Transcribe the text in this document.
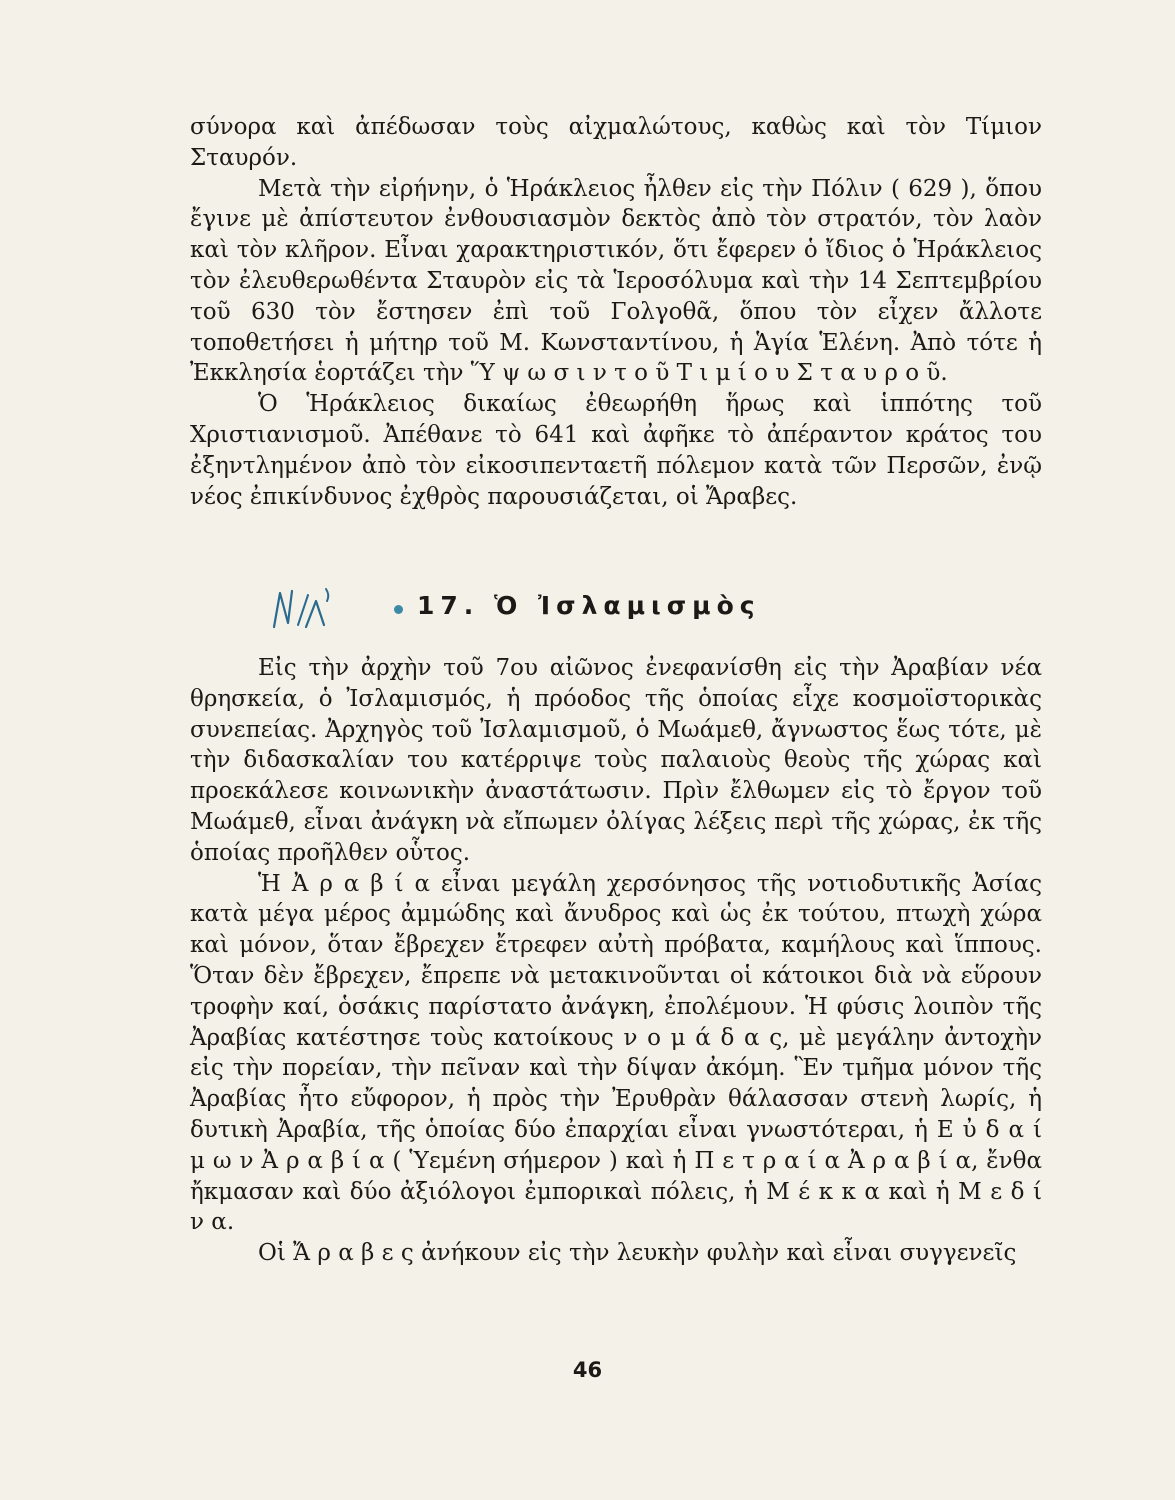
σύνορα καὶ ἀπέδωσαν τοὺς αἰχμαλώτους, καθὼς καὶ τὸν Τίμιον Σταυρόν.

Μετὰ τὴν εἰρήνην, ὁ Ἡράκλειος ἦλθεν εἰς τὴν Πόλιν ( 629 ), ὅπου ἔγινε μὲ ἀπίστευτον ἐνθουσιασμὸν δεκτὸς ἀπὸ τὸν στρατόν, τὸν λαὸν καὶ τὸν κλῆρον. Εἶναι χαρακτηριστικόν, ὅτι ἔφερεν ὁ ἴδιος ὁ Ἡράκλειος τὸν ἐλευθερωθέντα Σταυρὸν εἰς τὰ Ἱεροσόλυμα καὶ τὴν 14 Σεπτεμβρίου τοῦ 630 τὸν ἔστησεν ἐπὶ τοῦ Γολγοθᾶ, ὅπου τὸν εἶχεν ἄλλοτε τοποθετήσει ἡ μήτηρ τοῦ Μ. Κωνσταντίνου, ἡ Ἁγία Ἑλένη. Ἀπὸ τότε ἡ Ἐκκλησία ἑορτάζει τὴν Ὕ ψ ω σ ι ν τ ο ῦ Τ ι μ ί ο υ Σ τ α υ ρ ο ῦ.

Ὁ Ἡράκλειος δικαίως ἐθεωρήθη ἥρως καὶ ἱππότης τοῦ Χριστιανισμοῦ. Ἀπέθανε τὸ 641 καὶ ἀφῆκε τὸ ἀπέραντον κράτος του ἐξηντλημένον ἀπὸ τὸν εἰκοσιπενταετῆ πόλεμον κατὰ τῶν Περσῶν, ἐνῷ νέος ἐπικίνδυνος ἐχθρὸς παρουσιάζεται, οἱ Ἄραβες.

17. Ὁ Ἰσλαμισμὸς

Εἰς τὴν ἀρχὴν τοῦ 7ου αἰῶνος ἐνεφανίσθη εἰς τὴν Ἀραβίαν νέα θρησκεία, ὁ Ἰσλαμισμός, ἡ πρόοδος τῆς ὁποίας εἶχε κοσμοϊστορικὰς συνεπείας. Ἀρχηγὸς τοῦ Ἰσλαμισμοῦ, ὁ Μωάμεθ, ἄγνωστος ἕως τότε, μὲ τὴν διδασκαλίαν του κατέρριψε τοὺς παλαιοὺς θεοὺς τῆς χώρας καὶ προεκάλεσε κοινωνικὴν ἀναστάτωσιν. Πρὶν ἔλθωμεν εἰς τὸ ἔργον τοῦ Μωάμεθ, εἶναι ἀνάγκη νὰ εἴπωμεν ὀλίγας λέξεις περὶ τῆς χώρας, ἐκ τῆς ὁποίας προῆλθεν οὗτος.

Ἡ Ἀ ρ α β ί α εἶναι μεγάλη χερσόνησος τῆς νοτιοδυτικῆς Ἀσίας κατὰ μέγα μέρος ἀμμώδης καὶ ἄνυδρος καὶ ὡς ἐκ τούτου, πτωχὴ χώρα καὶ μόνον, ὅταν ἔβρεχεν ἔτρεφεν αὐτὴ πρόβατα, καμήλους καὶ ἵππους. Ὅταν δὲν ἔβρεχεν, ἔπρεπε νὰ μετακινοῦνται οἱ κάτοικοι διὰ νὰ εὕρουν τροφὴν καί, ὁσάκις παρίστατο ἀνάγκη, ἐπολέμουν. Ἡ φύσις λοιπὸν τῆς Ἀραβίας κατέστησε τοὺς κατοίκους ν ο μ ά δ α ς, μὲ μεγάλην ἀντοχὴν εἰς τὴν πορείαν, τὴν πεῖναν καὶ τὴν δίψαν ἀκόμη. Ἓν τμῆμα μόνον τῆς Ἀραβίας ἦτο εὔφορον, ἡ πρὸς τὴν Ἐρυθρὰν θάλασσαν στενὴ λωρίς, ἡ δυτικὴ Ἀραβία, τῆς ὁποίας δύο ἐπαρχίαι εἶναι γνωστότεραι, ἡ Ε ὐ δ α ί μ ω ν Ἀ ρ α β ί α ( Ὑεμένη σήμερον ) καὶ ἡ Π ε τ ρ α ί α Ἀ ρ α β ί α, ἔνθα ἤκμασαν καὶ δύο ἀξιόλογοι ἐμπορικαὶ πόλεις, ἡ Μ έ κ κ α καὶ ἡ Μ ε δ ί ν α.

Οἱ Ἄ ρ α β ε ς ἀνήκουν εἰς τὴν λευκὴν φυλὴν καὶ εἶναι συγγενεῖς

46
